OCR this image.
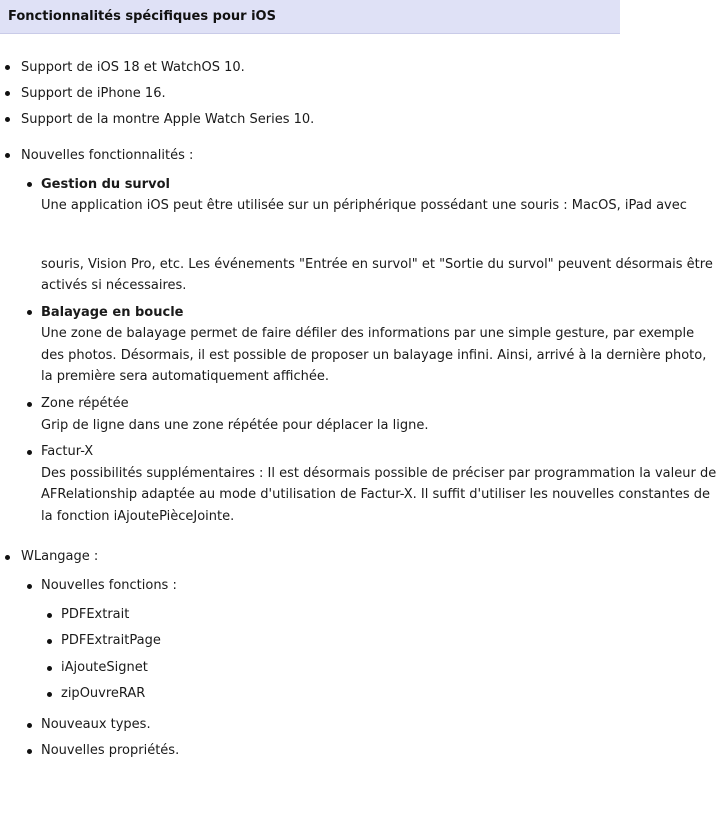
Fonctionnalités spécifiques pour iOS
Support de iOS 18 et WatchOS 10.
Support de iPhone 16.
Support de la montre Apple Watch Series 10.
Nouvelles fonctionnalités :
Gestion du survol
Une application iOS peut être utilisée sur un périphérique possédant une souris : MacOS, iPad avec
souris, Vision Pro, etc. Les événements "Entrée en survol" et "Sortie du survol" peuvent désormais être
activés si nécessaires.
Balayage en boucle
Une zone de balayage permet de faire défiler des informations par une simple gesture, par exemple
des photos. Désormais, il est possible de proposer un balayage infini. Ainsi, arrivé à la dernière photo,
la première sera automatiquement affichée.
Zone répétée
Grip de ligne dans une zone répétée pour déplacer la ligne.
Factur-X
Des possibilités supplémentaires : Il est désormais possible de préciser par programmation la valeur de
AFRelationship adaptée au mode d'utilisation de Factur-X. Il suffit d'utiliser les nouvelles constantes de
la fonction iAjoutePièceJointe.
WLangage :
Nouvelles fonctions :
PDFExtrait
PDFExtraitPage
iAjouteSignet
zipOuvreRAR
Nouveaux types.
Nouvelles propriétés.
